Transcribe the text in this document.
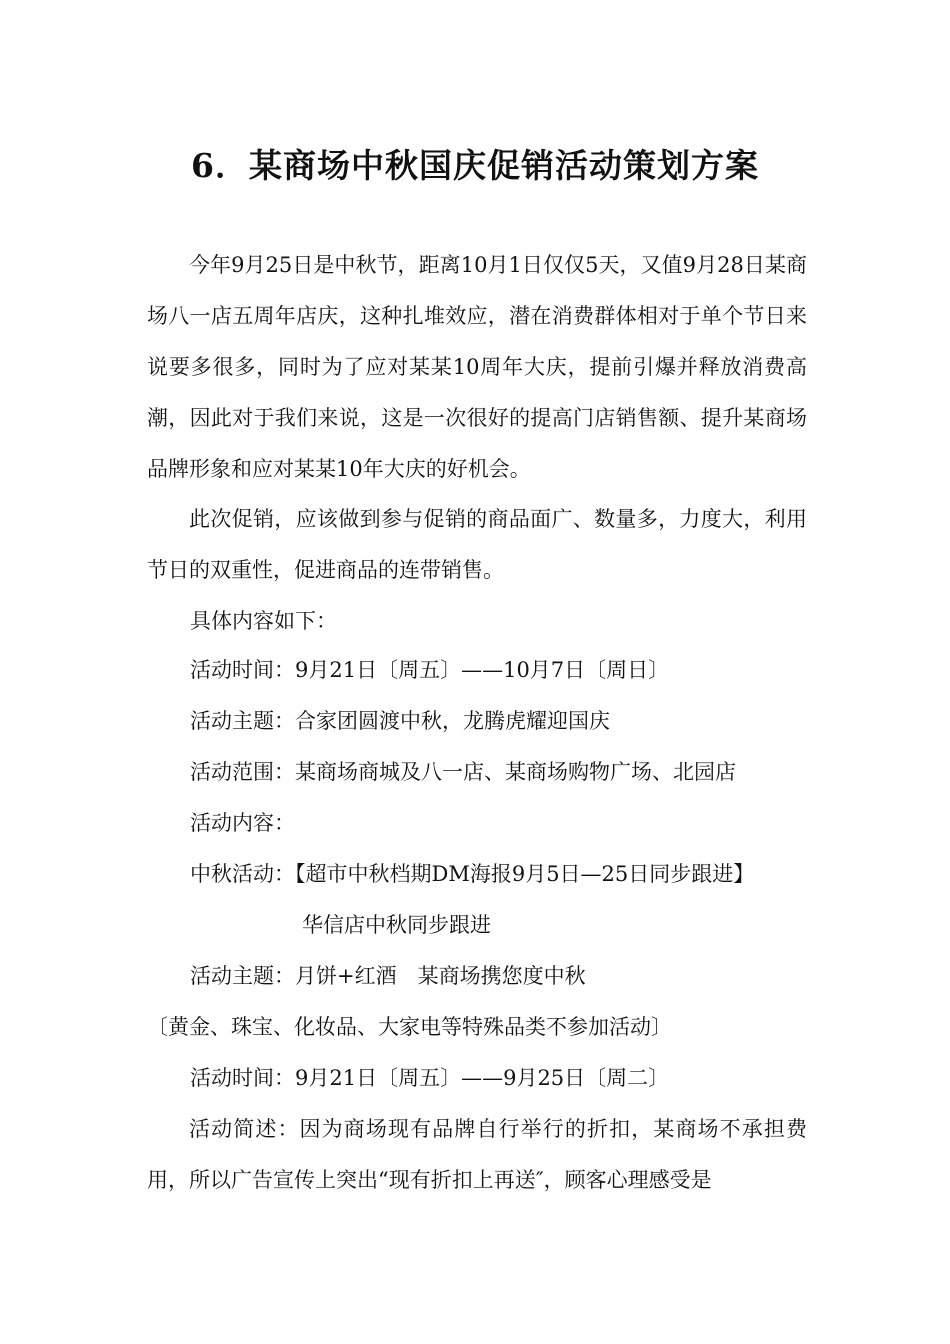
6．某商场中秋国庆促销活动策划方案
今年9月25日是中秋节，距离10月1日仅仅5天，又值9月28日某商场八一店五周年店庆，这种扎堆效应，潜在消费群体相对于单个节日来说要多很多，同时为了应对某某10周年大庆，提前引爆并释放消费高潮，因此对于我们来说，这是一次很好的提高门店销售额、提升某商场品牌形象和应对某某10年大庆的好机会。
此次促销，应该做到参与促销的商品面广、数量多，力度大，利用节日的双重性，促进商品的连带销售。
具体内容如下：
活动时间：9月21日〔周五〕——10月7日〔周日〕
活动主题：合家团圆渡中秋，龙腾虎耀迎国庆
活动范围：某商场商城及八一店、某商场购物广场、北园店
活动内容：
中秋活动：【超市中秋档期DM海报9月5日—25日同步跟进】
华信店中秋同步跟进
活动主题：月饼+红酒　某商场携您度中秋
〔黄金、珠宝、化妆品、大家电等特殊品类不参加活动〕
活动时间：9月21日〔周五〕——9月25日〔周二〕
活动简述：因为商场现有品牌自行举行的折扣，某商场不承担费用，所以广告宣传上突出“现有折扣上再送″，顾客心理感受是
